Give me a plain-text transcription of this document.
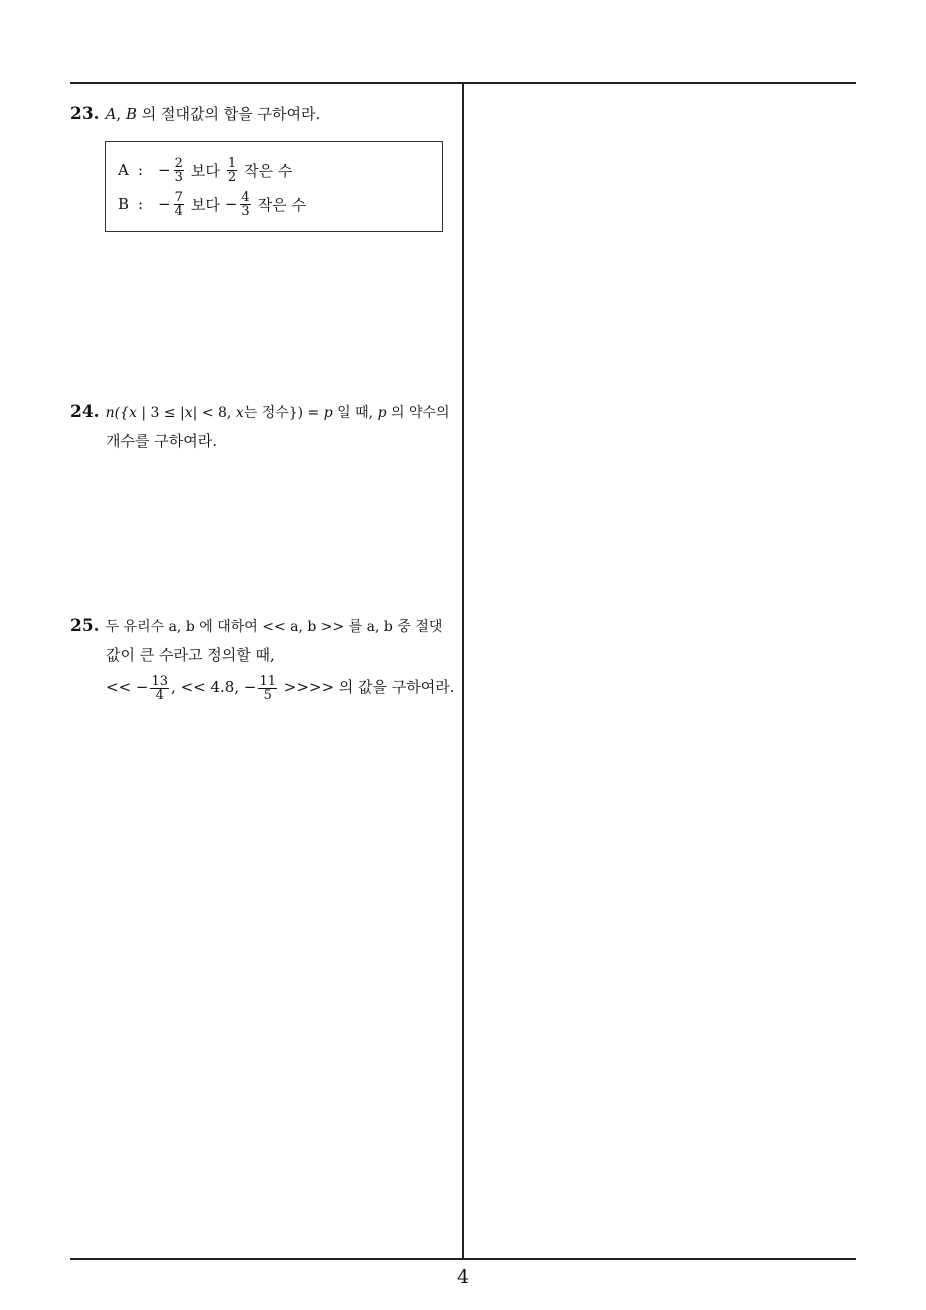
23. A, B 의 절대값의 합을 구하여라.
A : − $\frac{2}{3}$ 보다 $\frac{1}{2}$ 작은 수
B : − $\frac{7}{4}$ 보다 − $\frac{4}{3}$ 작은 수
24. n({x | 3 ≤ |x| < 8, x는 정수}) = p 일 때, p 의 약수의
개수를 구하여라.
25. 두 유리수 a, b 에 대하여 << a, b >> 를 a, b 중 절댓
값이 큰 수라고 정의할 때,
<< − $\frac{13}{4}$ , << 4.8, − $\frac{11}{5}$ >>>> 의 값을 구하여라.
4
